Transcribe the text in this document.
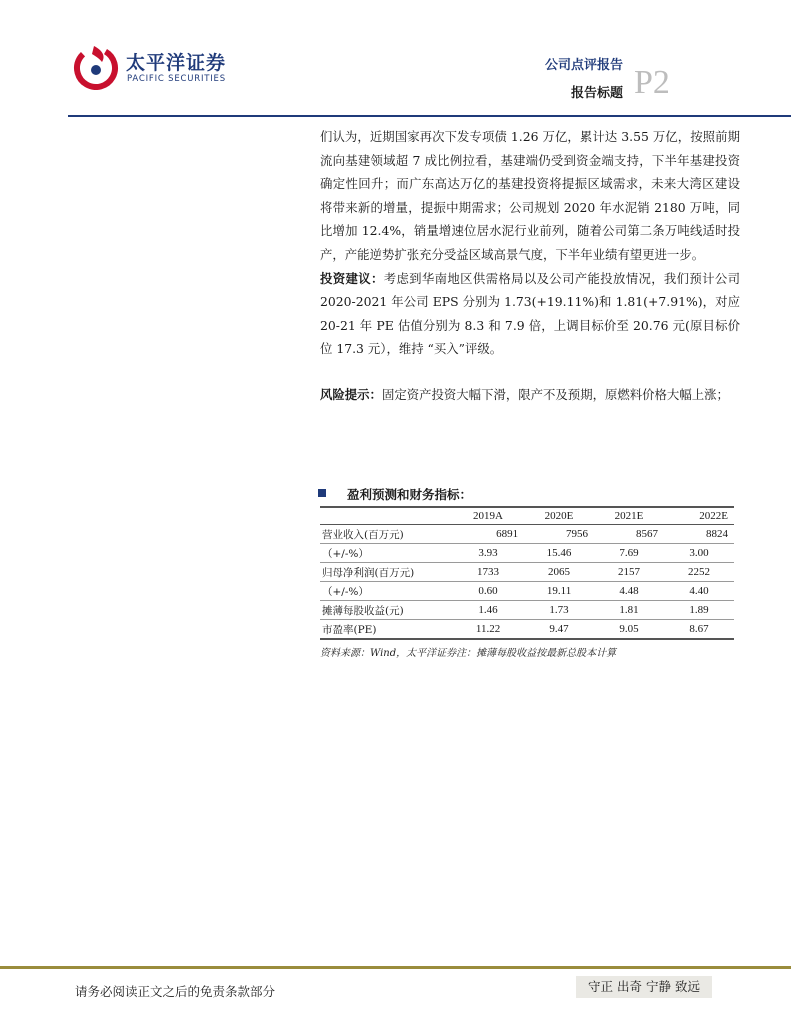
太平洋证券
PACIFIC SECURITIES
公司点评报告
报告标题 P2

们认为，近期国家再次下发专项债 1.26 万亿，累计达 3.55 万亿，按照前期流向基建领域超 7 成比例拉看，基建端仍受到资金端支持，下半年基建投资确定性回升；而广东高达万亿的基建投资将提振区域需求，未来大湾区建设将带来新的增量，提振中期需求；公司规划 2020 年水泥销 2180 万吨，同比增加 12.4%，销量增速位居水泥行业前列，随着公司第二条万吨线适时投产，产能逆势扩张充分受益区域高景气度，下半年业绩有望更进一步。

投资建议：考虑到华南地区供需格局以及公司产能投放情况，我们预计公司 2020-2021 年公司 EPS 分别为 1.73(+19.11%)和 1.81(+7.91%)，对应 20-21 年 PE 估值分别为 8.3 和 7.9 倍，上调目标价至 20.76 元(原目标价位 17.3 元），维持 “买入”评级。

风险提示：固定资产投资大幅下滑，限产不及预期，原燃料价格大幅上涨；

盈利预测和财务指标：
	2019A	2020E	2021E	2022E
营业收入(百万元)	6891	7956	8567	8824
（+/-%）	3.93	15.46	7.69	3.00
归母净利润(百万元)	1733	2065	2157	2252
（+/-%）	0.60	19.11	4.48	4.40
摊薄每股收益(元)	1.46	1.73	1.81	1.89
市盈率(PE)	11.22	9.47	9.05	8.67
资料来源：Wind，太平洋证券注：摊薄每股收益按最新总股本计算
请务必阅读正文之后的免责条款部分	守正 出奇 宁静 致远
